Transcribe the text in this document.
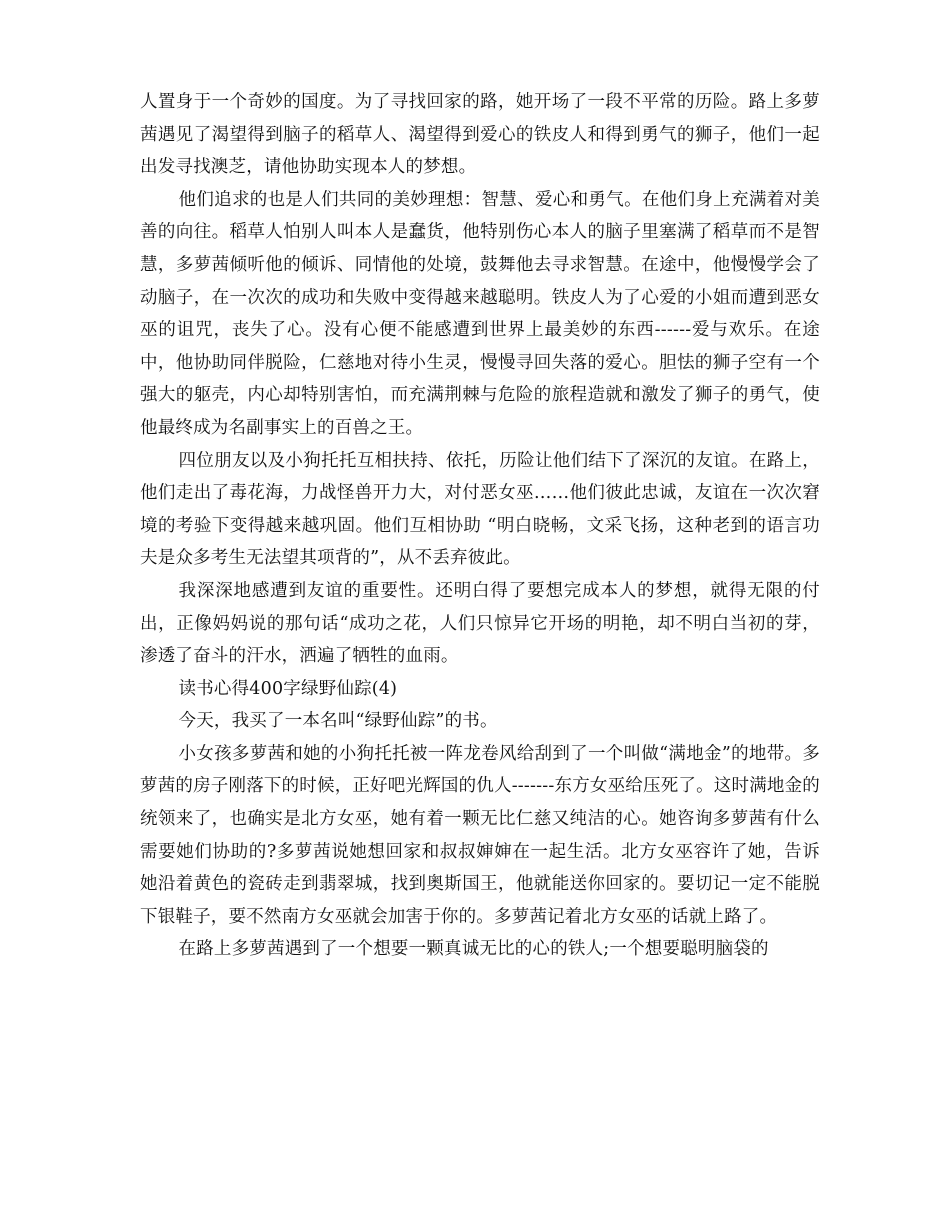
人置身于一个奇妙的国度。为了寻找回家的路，她开场了一段不平常的历险。路上多萝茜遇见了渴望得到脑子的稻草人、渴望得到爱心的铁皮人和得到勇气的狮子，他们一起出发寻找澳芝，请他协助实现本人的梦想。

他们追求的也是人们共同的美妙理想：智慧、爱心和勇气。在他们身上充满着对美善的向往。稻草人怕别人叫本人是蠢货，他特别伤心本人的脑子里塞满了稻草而不是智慧，多萝茜倾听他的倾诉、同情他的处境，鼓舞他去寻求智慧。在途中，他慢慢学会了动脑子，在一次次的成功和失败中变得越来越聪明。铁皮人为了心爱的小姐而遭到恶女巫的诅咒，丧失了心。没有心便不能感遭到世界上最美妙的东西------爱与欢乐。在途中，他协助同伴脱险，仁慈地对待小生灵，慢慢寻回失落的爱心。胆怯的狮子空有一个强大的躯壳，内心却特别害怕，而充满荆棘与危险的旅程造就和激发了狮子的勇气，使他最终成为名副事实上的百兽之王。

四位朋友以及小狗托托互相扶持、依托，历险让他们结下了深沉的友谊。在路上，他们走出了毒花海，力战怪兽开力大，对付恶女巫……他们彼此忠诚，友谊在一次次窘境的考验下变得越来越巩固。他们互相协助 “明白晓畅，文采飞扬，这种老到的语言功夫是众多考生无法望其项背的”，从不丢弃彼此。

我深深地感遭到友谊的重要性。还明白得了要想完成本人的梦想，就得无限的付出，正像妈妈说的那句话“成功之花，人们只惊异它开场的明艳，却不明白当初的芽，渗透了奋斗的汗水，洒遍了牺牲的血雨。

读书心得400字绿野仙踪(4)

今天，我买了一本名叫“绿野仙踪”的书。

小女孩多萝茜和她的小狗托托被一阵龙卷风给刮到了一个叫做“满地金”的地带。多萝茜的房子刚落下的时候，正好吧光辉国的仇人-------东方女巫给压死了。这时满地金的统领来了，也确实是北方女巫，她有着一颗无比仁慈又纯洁的心。她咨询多萝茜有什么需要她们协助的?多萝茜说她想回家和叔叔婶婶在一起生活。北方女巫容许了她，告诉她沿着黄色的瓷砖走到翡翠城，找到奥斯国王，他就能送你回家的。要切记一定不能脱下银鞋子，要不然南方女巫就会加害于你的。多萝茜记着北方女巫的话就上路了。

在路上多萝茜遇到了一个想要一颗真诚无比的心的铁人;一个想要聪明脑袋的
